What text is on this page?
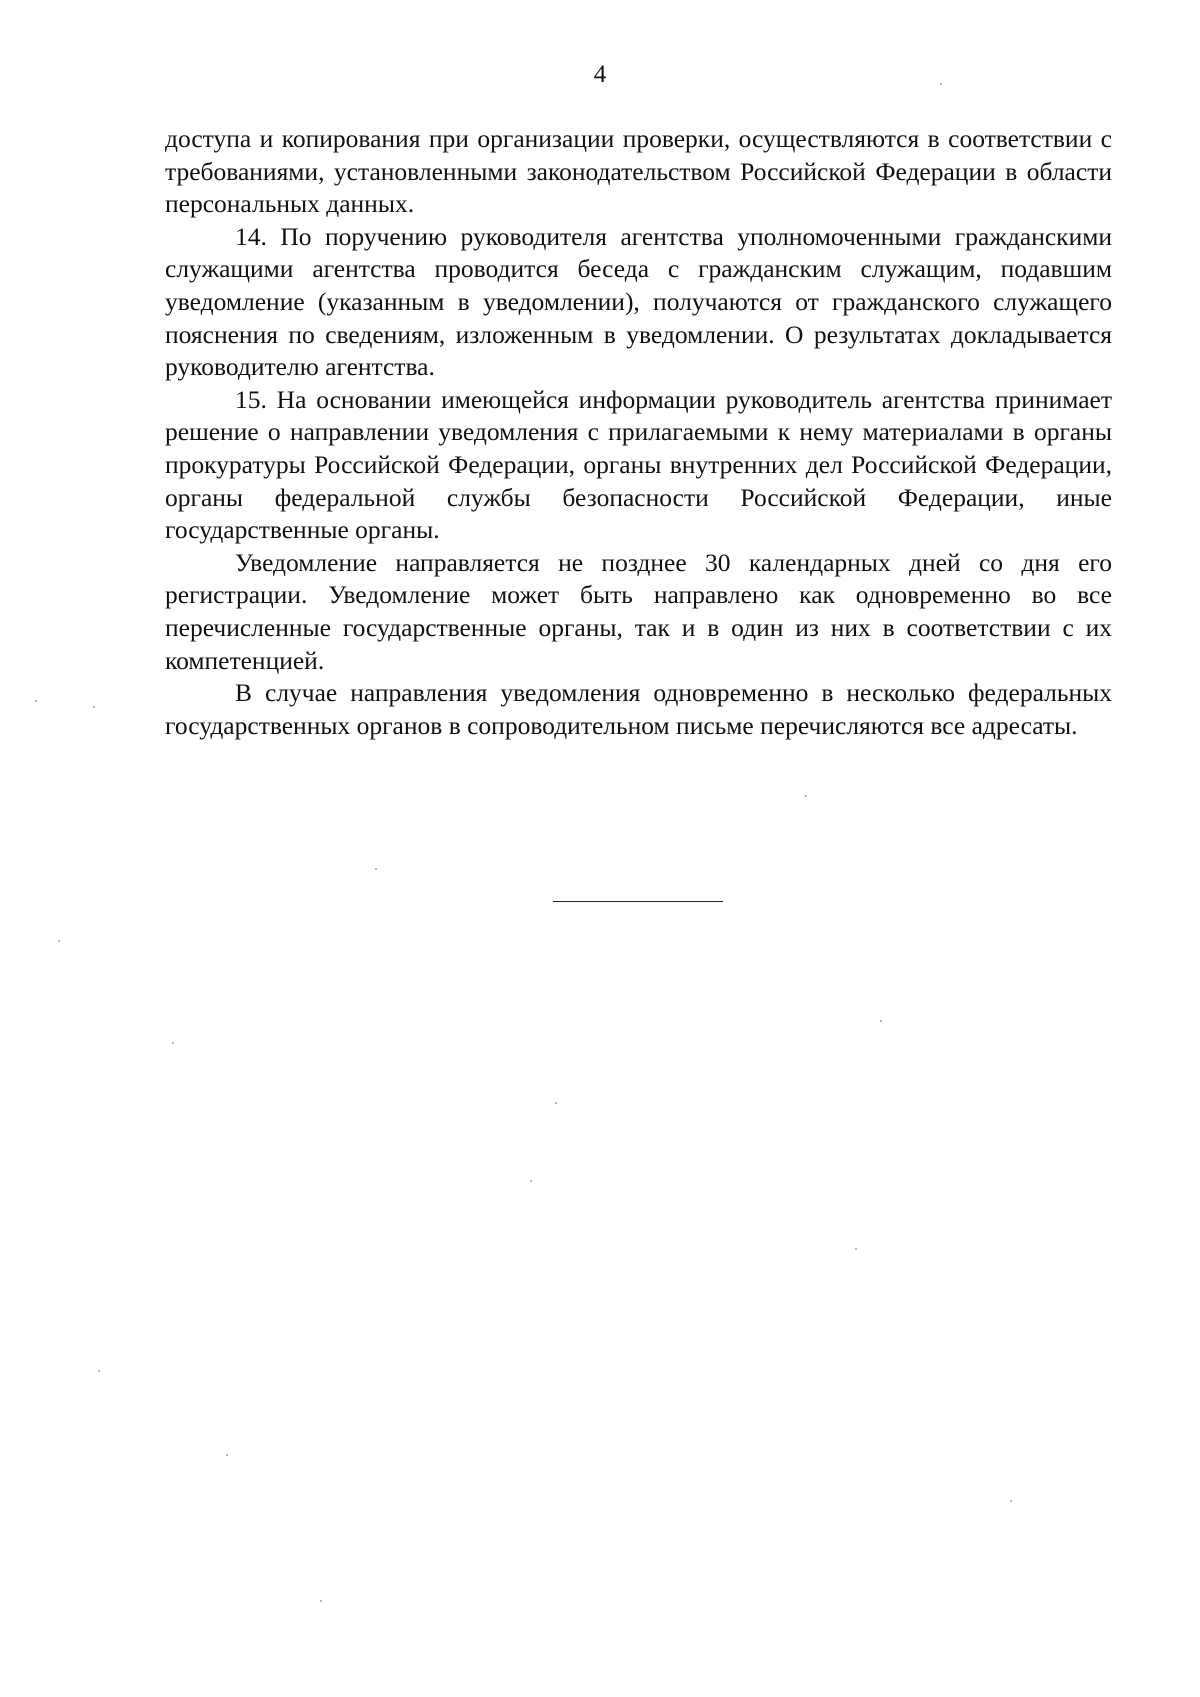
4

доступа и копирования при организации проверки, осуществляются в соответствии с требованиями, установленными законодательством Российской Федерации в области персональных данных.

14. По поручению руководителя агентства уполномоченными гражданскими служащими агентства проводится беседа с гражданским служащим, подавшим уведомление (указанным в уведомлении), получаются от гражданского служащего пояснения по сведениям, изложенным в уведомлении. О результатах докладывается руководителю агентства.

15. На основании имеющейся информации руководитель агентства принимает решение о направлении уведомления с прилагаемыми к нему материалами в органы прокуратуры Российской Федерации, органы внутренних дел Российской Федерации, органы федеральной службы безопасности Российской Федерации, иные государственные органы.

Уведомление направляется не позднее 30 календарных дней со дня его регистрации. Уведомление может быть направлено как одновременно во все перечисленные государственные органы, так и в один из них в соответствии с их компетенцией.

В случае направления уведомления одновременно в несколько федеральных государственных органов в сопроводительном письме перечисляются все адресаты.
